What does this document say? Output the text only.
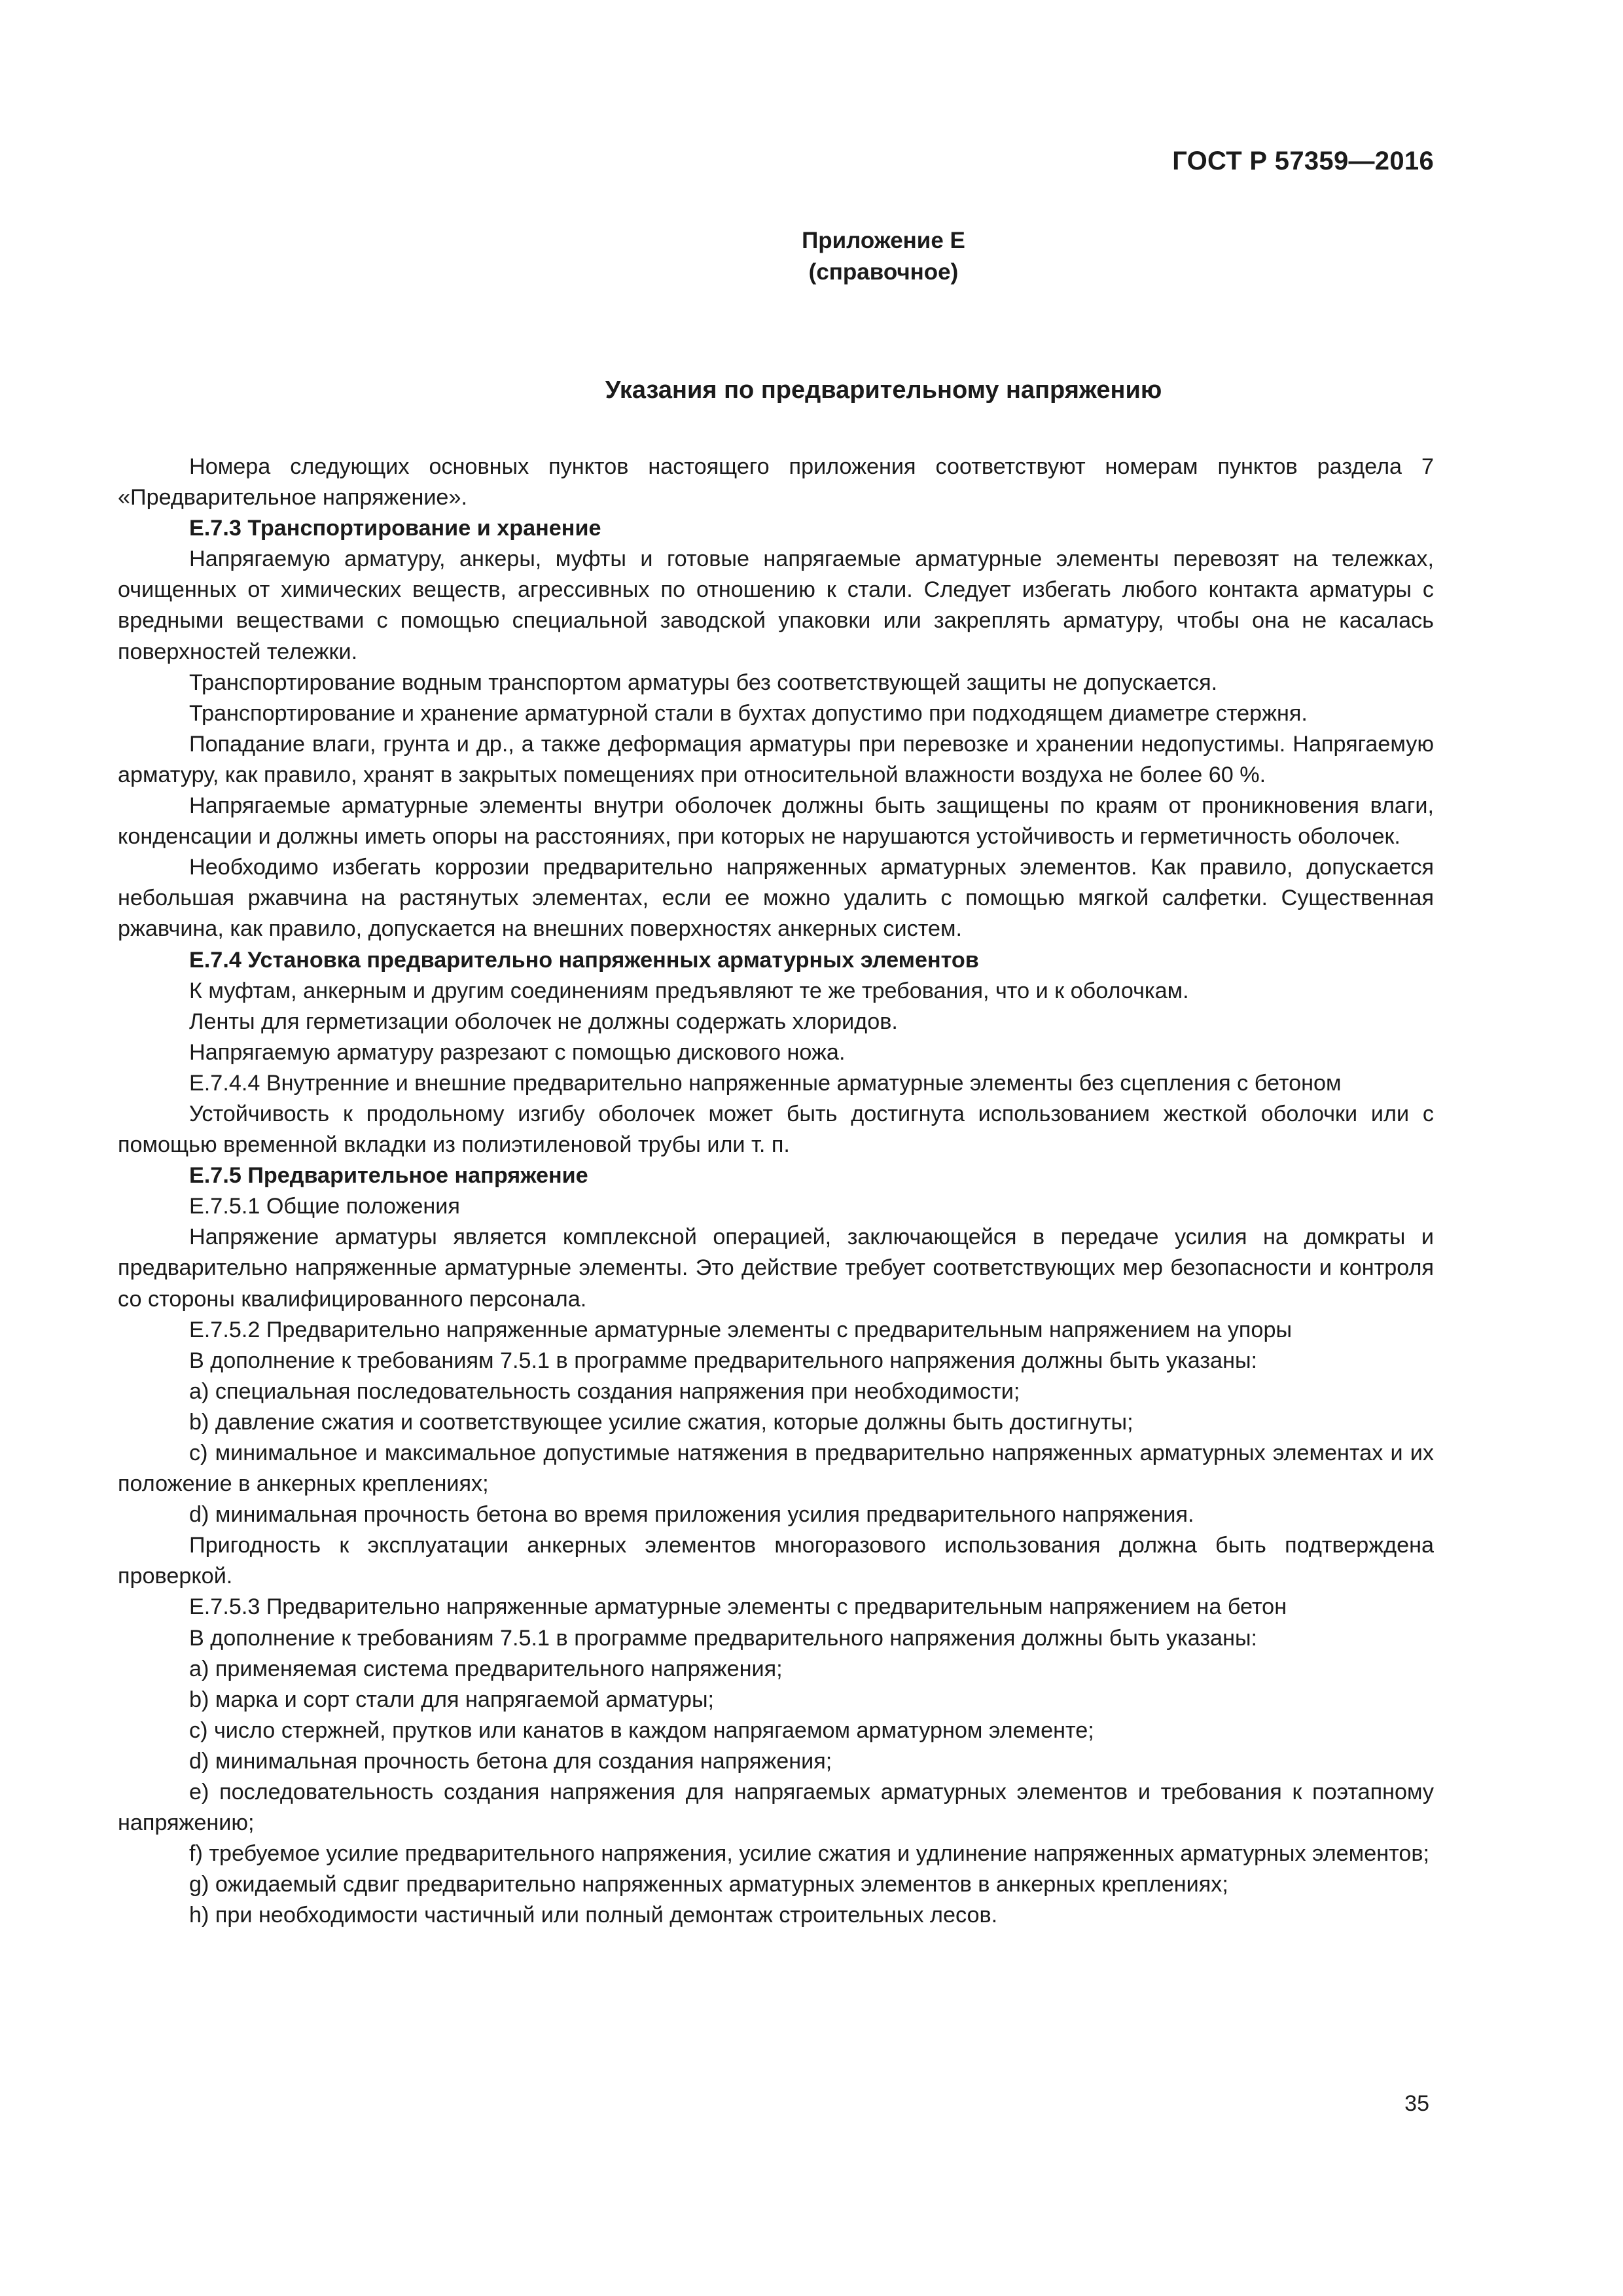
ГОСТ Р 57359—2016
Приложение Е
(справочное)
Указания по предварительному напряжению

Номера следующих основных пунктов настоящего приложения соответствуют номерам пунктов раздела 7 «Предварительное напряжение».

E.7.3 Транспортирование и хранение

Напрягаемую арматуру, анкеры, муфты и готовые напрягаемые арматурные элементы перевозят на тележках, очищенных от химических веществ, агрессивных по отношению к стали. Следует избегать любого контакта арматуры с вредными веществами с помощью специальной заводской упаковки или закреплять арматуру, чтобы она не касалась поверхностей тележки.

Транспортирование водным транспортом арматуры без соответствующей защиты не допускается.

Транспортирование и хранение арматурной стали в бухтах допустимо при подходящем диаметре стержня.

Попадание влаги, грунта и др., а также деформация арматуры при перевозке и хранении недопустимы. Напрягаемую арматуру, как правило, хранят в закрытых помещениях при относительной влажности воздуха не более 60 %.

Напрягаемые арматурные элементы внутри оболочек должны быть защищены по краям от проникновения влаги, конденсации и должны иметь опоры на расстояниях, при которых не нарушаются устойчивость и герметичность оболочек.

Необходимо избегать коррозии предварительно напряженных арматурных элементов. Как правило, допускается небольшая ржавчина на растянутых элементах, если ее можно удалить с помощью мягкой салфетки. Существенная ржавчина, как правило, допускается на внешних поверхностях анкерных систем.

E.7.4 Установка предварительно напряженных арматурных элементов

К муфтам, анкерным и другим соединениям предъявляют те же требования, что и к оболочкам.

Ленты для герметизации оболочек не должны содержать хлоридов.

Напрягаемую арматуру разрезают с помощью дискового ножа.

E.7.4.4 Внутренние и внешние предварительно напряженные арматурные элементы без сцепления с бетоном

Устойчивость к продольному изгибу оболочек может быть достигнута использованием жесткой оболочки или с помощью временной вкладки из полиэтиленовой трубы или т. п.

E.7.5 Предварительное напряжение

E.7.5.1 Общие положения

Напряжение арматуры является комплексной операцией, заключающейся в передаче усилия на домкраты и предварительно напряженные арматурные элементы. Это действие требует соответствующих мер безопасности и контроля со стороны квалифицированного персонала.

E.7.5.2 Предварительно напряженные арматурные элементы с предварительным напряжением на упоры

В дополнение к требованиям 7.5.1 в программе предварительного напряжения должны быть указаны:

a) специальная последовательность создания напряжения при необходимости;

b) давление сжатия и соответствующее усилие сжатия, которые должны быть достигнуты;

c) минимальное и максимальное допустимые натяжения в предварительно напряженных арматурных элементах и их положение в анкерных креплениях;

d) минимальная прочность бетона во время приложения усилия предварительного напряжения.

Пригодность к эксплуатации анкерных элементов многоразового использования должна быть подтверждена проверкой.

E.7.5.3 Предварительно напряженные арматурные элементы с предварительным напряжением на бетон

В дополнение к требованиям 7.5.1 в программе предварительного напряжения должны быть указаны:

a) применяемая система предварительного напряжения;

b) марка и сорт стали для напрягаемой арматуры;

c) число стержней, прутков или канатов в каждом напрягаемом арматурном элементе;

d) минимальная прочность бетона для создания напряжения;

e) последовательность создания напряжения для напрягаемых арматурных элементов и требования к поэтапному напряжению;

f) требуемое усилие предварительного напряжения, усилие сжатия и удлинение напряженных арматурных элементов;

g) ожидаемый сдвиг предварительно напряженных арматурных элементов в анкерных креплениях;

h) при необходимости частичный или полный демонтаж строительных лесов.

35
